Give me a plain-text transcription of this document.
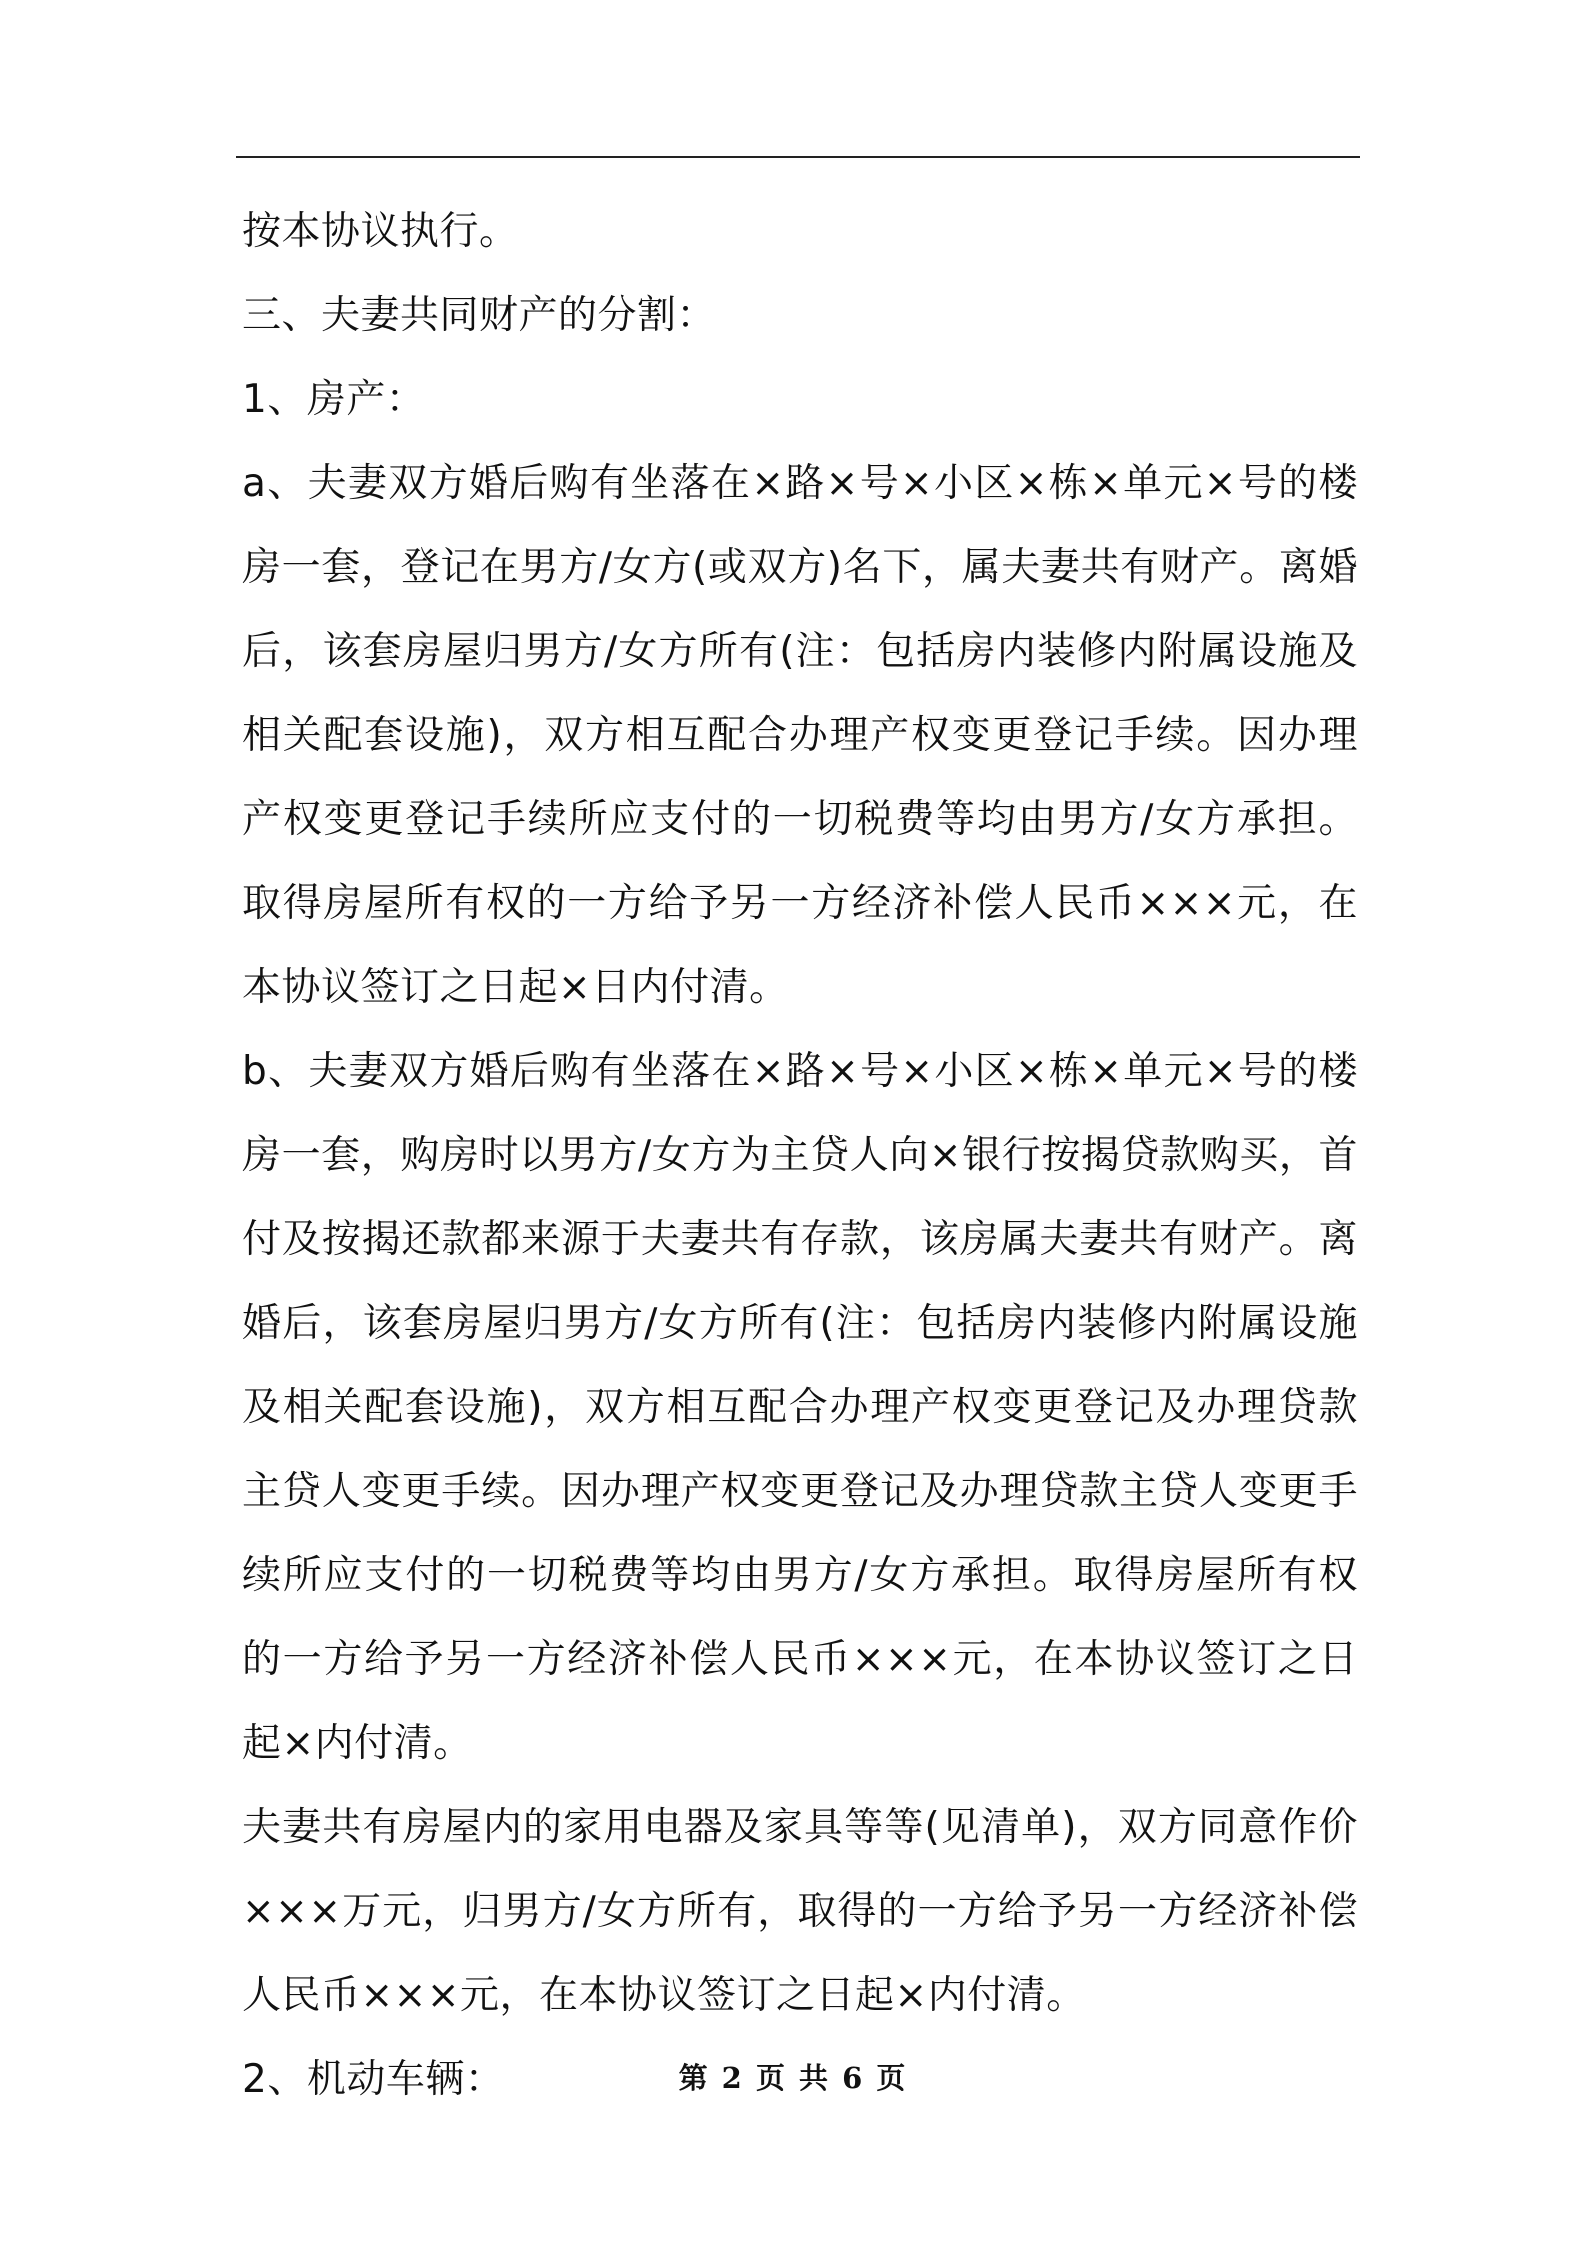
按本协议执行。

三、夫妻共同财产的分割：

1、房产：

a、夫妻双方婚后购有坐落在×路×号×小区×栋×单元×号的楼房一套，登记在男方/女方(或双方)名下，属夫妻共有财产。离婚后，该套房屋归男方/女方所有(注：包括房内装修内附属设施及相关配套设施)，双方相互配合办理产权变更登记手续。因办理产权变更登记手续所应支付的一切税费等均由男方/女方承担。取得房屋所有权的一方给予另一方经济补偿人民币×××元，在本协议签订之日起×日内付清。

b、夫妻双方婚后购有坐落在×路×号×小区×栋×单元×号的楼房一套，购房时以男方/女方为主贷人向×银行按揭贷款购买，首付及按揭还款都来源于夫妻共有存款，该房属夫妻共有财产。离婚后，该套房屋归男方/女方所有(注：包括房内装修内附属设施及相关配套设施)，双方相互配合办理产权变更登记及办理贷款主贷人变更手续。因办理产权变更登记及办理贷款主贷人变更手续所应支付的一切税费等均由男方/女方承担。取得房屋所有权的一方给予另一方经济补偿人民币×××元，在本协议签订之日起×内付清。

夫妻共有房屋内的家用电器及家具等等(见清单)，双方同意作价×××万元，归男方/女方所有，取得的一方给予另一方经济补偿人民币×××元，在本协议签订之日起×内付清。

2、机动车辆：	第 2 页 共 6 页
